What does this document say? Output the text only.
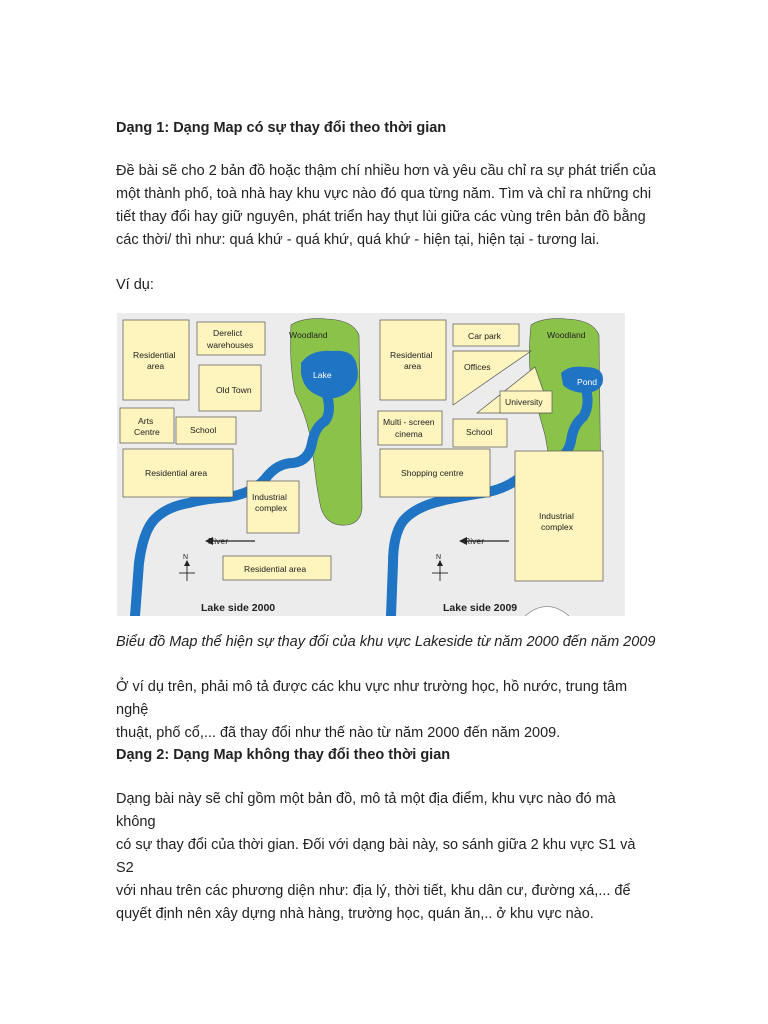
Dạng 1: Dạng Map có sự thay đổi theo thời gian
Đề bài sẽ cho 2 bản đồ hoặc thậm chí nhiều hơn và yêu cầu chỉ ra sự phát triển của
một thành phố, toà nhà hay khu vực nào đó qua từng năm. Tìm và chỉ ra những chi
tiết thay đổi hay giữ nguyên, phát triển hay thụt lùi giữa các vùng trên bản đồ bằng
các thời/ thì như: quá khứ - quá khứ, quá khứ - hiện tại, hiện tại - tương lai.
Ví dụ:
Lake
Woodland
Residential
area
Derelict
warehouses
Old Town
Arts
Centre	School
Residential area
Industrial
complex
Residential area
River
N
Lake side 2000
Pond
Woodland
Residential
area
Car park
Offices
University
Multi - screen
cinema	School
Shopping centre
Industrial
complex
River
N
Lake side 2009
Biểu đồ Map thể hiện sự thay đổi của khu vực Lakeside từ năm 2000 đến năm 2009
Ở ví dụ trên, phải mô tả được các khu vực như trường học, hồ nước, trung tâm nghệ
thuật, phố cổ,... đã thay đổi như thế nào từ năm 2000 đến năm 2009.
Dạng 2: Dạng Map không thay đổi theo thời gian
Dạng bài này sẽ chỉ gồm một bản đồ, mô tả một địa điểm, khu vực nào đó mà không
có sự thay đổi của thời gian. Đối với dạng bài này, so sánh giữa 2 khu vực S1 và S2
với nhau trên các phương diện như: địa lý, thời tiết, khu dân cư, đường xá,... để
quyết định nên xây dựng nhà hàng, trường học, quán ăn,.. ở khu vực nào.
